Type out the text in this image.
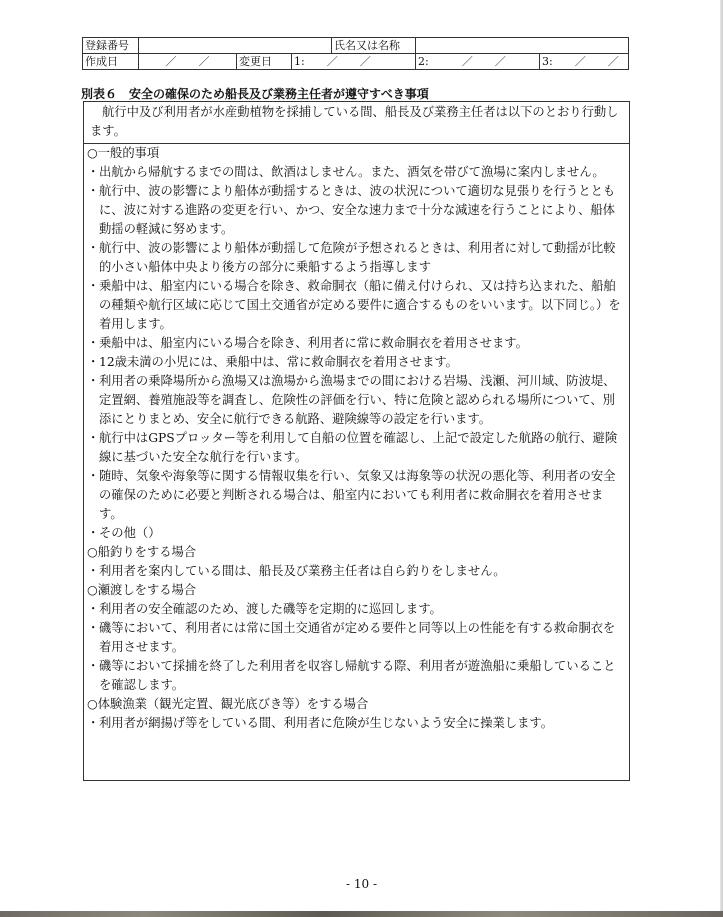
登録番号				氏名又は名称		
作成日	／　　／	変更日	1:　　 ／　　／		2:　　　 ／　　／	3:　　 ／　　／
別表６　安全の確保のため船長及び業務主任者が遵守すべき事項
航行中及び利用者が水産動植物を採捕している間、船長及び業務主任者は以下のとおり行動します。

○一般的事項

・出航から帰航するまでの間は、飲酒はしません。また、酒気を帯びて漁場に案内しません。

・航行中、波の影響により船体が動揺するときは、波の状況について適切な見張りを行うとともに、波に対する進路の変更を行い、かつ、安全な速力まで十分な減速を行うことにより、船体動揺の軽減に努めます。

・航行中、波の影響により船体が動揺して危険が予想されるときは、利用者に対して動揺が比較的小さい船体中央より後方の部分に乗船するよう指導します

・乗船中は、船室内にいる場合を除き、救命胴衣（船に備え付けられ、又は持ち込まれた、船舶の種類や航行区域に応じて国土交通省が定める要件に適合するものをいいます。以下同じ。）を着用します。

・乗船中は、船室内にいる場合を除き、利用者に常に救命胴衣を着用させます。

・12歳未満の小児には、乗船中は、常に救命胴衣を着用させます。

・利用者の乗降場所から漁場又は漁場から漁場までの間における岩場、浅瀬、河川域、防波堤、定置網、養殖施設等を調査し、危険性の評価を行い、特に危険と認められる場所について、別添にとりまとめ、安全に航行できる航路、避険線等の設定を行います。

・航行中はGPSプロッター等を利用して自船の位置を確認し、上記で設定した航路の航行、避険線に基づいた安全な航行を行います。

・随時、気象や海象等に関する情報収集を行い、気象又は海象等の状況の悪化等、利用者の安全の確保のために必要と判断される場合は、船室内においても利用者に救命胴衣を着用させます。

・その他（）

○船釣りをする場合

・利用者を案内している間は、船長及び業務主任者は自ら釣りをしません。

○瀬渡しをする場合

・利用者の安全確認のため、渡した磯等を定期的に巡回します。

・磯等において、利用者には常に国土交通省が定める要件と同等以上の性能を有する救命胴衣を着用させます。

・磯等において採捕を終了した利用者を収容し帰航する際、利用者が遊漁船に乗船していることを確認します。

○体験漁業（観光定置、観光底びき等）をする場合

・利用者が網揚げ等をしている間、利用者に危険が生じないよう安全に操業します。

- 10 -
